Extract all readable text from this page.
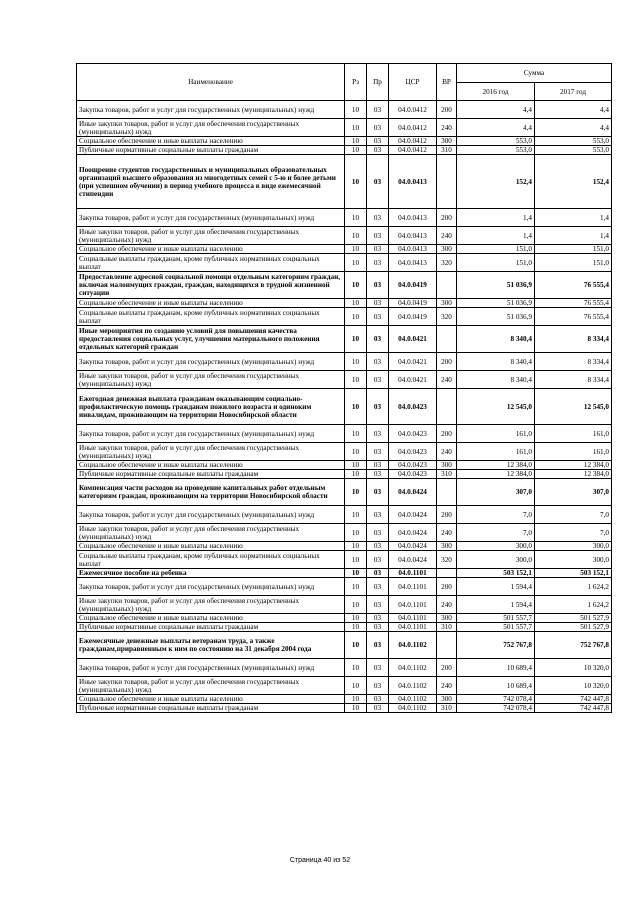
Наименование	Рз	Пр	ЦСР	ВР	Сумма	
					2016 год	2017 год
Закупка товаров, работ и услуг для государственных (муниципальных) нужд	10	03	04.0.0412	200	4,4	4,4
Иные закупки товаров, работ и услуг для обеспечения государственных (муниципальных) нужд	10	03	04.0.0412	240	4,4	4,4
Социальное обеспечение и иные выплаты населению	10	03	04.0.0412	300	553,0	553,0
Публичные нормативные социальные выплаты гражданам	10	03	04.0.0412	310	553,0	553,0
Поощрение студентов государственных и муниципальных образовательных организаций высшего образования из многодетных семей с 5-ю и более детьми (при успешном обучении) в период учебного процесса в виде ежемесячной стипендии	10	03	04.0.0413		152,4	152,4
Закупка товаров, работ и услуг для государственных (муниципальных) нужд	10	03	04.0.0413	200	1,4	1,4
Иные закупки товаров, работ и услуг для обеспечения государственных (муниципальных) нужд	10	03	04.0.0413	240	1,4	1,4
Социальное обеспечение и иные выплаты населению	10	03	04.0.0413	300	151,0	151,0
Социальные выплаты гражданам, кроме публичных нормативных социальных выплат	10	03	04.0.0413	320	151,0	151,0
Предоставление адресной социальной помощи отдельным категориям граждан, включая малоимущих граждан, граждан, находящихся в трудной жизненной ситуации	10	03	04.0.0419		51 036,9	76 555,4
Социальное обеспечение и иные выплаты населению	10	03	04.0.0419	300	51 036,9	76 555,4
Социальные выплаты гражданам, кроме публичных нормативных социальных выплат	10	03	04.0.0419	320	51 036,9	76 555,4
Иные мероприятия по созданию условий для повышения качества предоставления социальных услуг, улучшения материального положения отдельных категорий граждан	10	03	04.0.0421		8 340,4	8 334,4
Закупка товаров, работ и услуг для государственных (муниципальных) нужд	10	03	04.0.0421	200	8 340,4	8 334,4
Иные закупки товаров, работ и услуг для обеспечения государственных (муниципальных) нужд	10	03	04.0.0421	240	8 340,4	8 334,4
Ежегодная денежная выплата гражданам оказывающим социально-профилактическую помощь гражданам пожилого возраста и одиноким инвалидам, проживающим на территории Новосибирской области	10	03	04.0.0423		12 545,0	12 545,0
Закупка товаров, работ и услуг для государственных (муниципальных) нужд	10	03	04.0.0423	200	161,0	161,0
Иные закупки товаров, работ и услуг для обеспечения государственных (муниципальных) нужд	10	03	04.0.0423	240	161,0	161,0
Социальное обеспечение и иные выплаты населению	10	03	04.0.0423	300	12 384,0	12 384,0
Публичные нормативные социальные выплаты гражданам	10	03	04.0.0423	310	12 384,0	12 384,0
Компенсация части расходов на проведение капитальных работ отдельным категориям граждан, проживающим на территории Новосибирской области	10	03	04.0.0424		307,0	307,0
Закупка товаров, работ и услуг для государственных (муниципальных) нужд	10	03	04.0.0424	200	7,0	7,0
Иные закупки товаров, работ и услуг для обеспечения государственных (муниципальных) нужд	10	03	04.0.0424	240	7,0	7,0
Социальное обеспечение и иные выплаты населению	10	03	04.0.0424	300	300,0	300,0
Социальные выплаты гражданам, кроме публичных нормативных социальных выплат	10	03	04.0.0424	320	300,0	300,0
Ежемесячное пособие на ребенка	10	03	04.0.1101		503 152,1	503 152,1
Закупка товаров, работ и услуг для государственных (муниципальных) нужд	10	03	04.0.1101	200	1 594,4	1 624,2
Иные закупки товаров, работ и услуг для обеспечения государственных (муниципальных) нужд	10	03	04.0.1101	240	1 594,4	1 624,2
Социальное обеспечение и иные выплаты населению	10	03	04.0.1101	300	501 557,7	501 527,9
Публичные нормативные социальные выплаты гражданам	10	03	04.0.1101	310	501 557,7	501 527,9
Ежемесячные денежные выплаты ветеранам труда, а также гражданам,приравненным к ним по состоянию на 31 декабря 2004 года	10	03	04.0.1102		752 767,8	752 767,8
Закупка товаров, работ и услуг для государственных (муниципальных) нужд	10	03	04.0.1102	200	10 689,4	10 320,0
Иные закупки товаров, работ и услуг для обеспечения государственных (муниципальных) нужд	10	03	04.0.1102	240	10 689,4	10 320,0
Социальное обеспечение и иные выплаты населению	10	03	04.0.1102	300	742 078,4	742 447,8
Публичные нормативные социальные выплаты гражданам	10	03	04.0.1102	310	742 078,4	742 447,8
Страница 40 из 52
